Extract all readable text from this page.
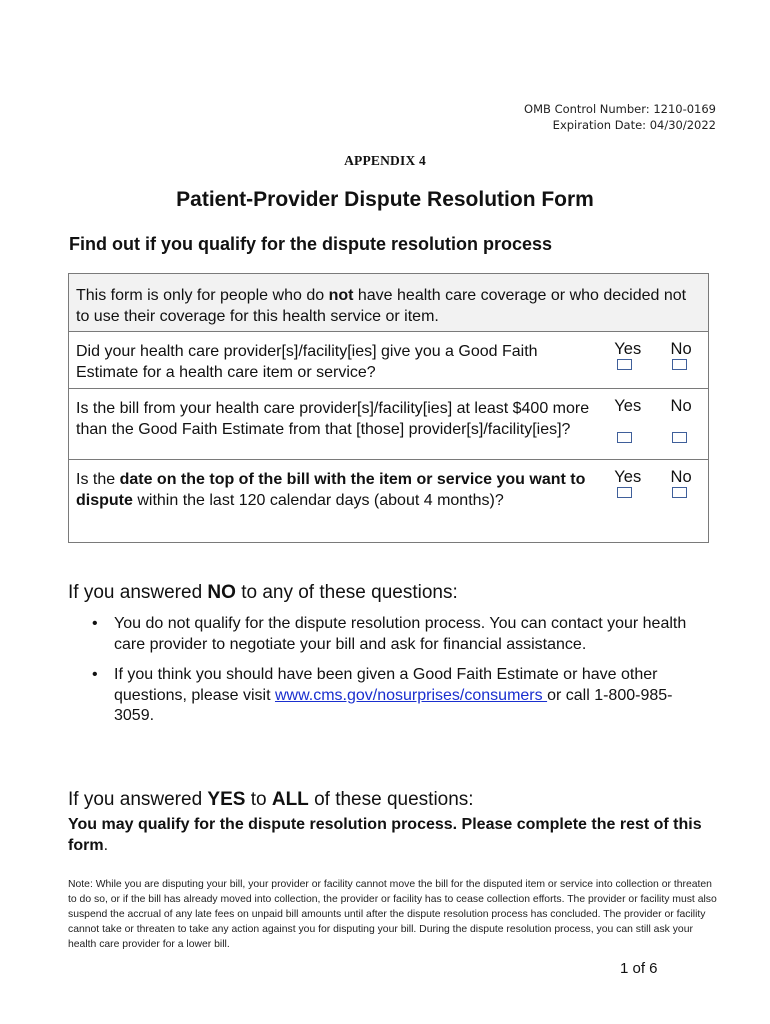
OMB Control Number: 1210-0169
Expiration Date: 04/30/2022
APPENDIX 4
Patient-Provider Dispute Resolution Form
Find out if you qualify for the dispute resolution process
This form is only for people who do not have health care coverage or who decided not to use their coverage for this health service or item.
Did your health care provider[s]/facility[ies] give you a Good Faith Estimate for a health care item or service?
Yes	No
Is the bill from your health care provider[s]/facility[ies] at least $400 more than the Good Faith Estimate from that [those] provider[s]/facility[ies]?
Yes	No
Is the date on the top of the bill with the item or service you want to dispute within the last 120 calendar days (about 4 months)?
Yes	No
If you answered NO to any of these questions:
• You do not qualify for the dispute resolution process. You can contact your health care provider to negotiate your bill and ask for financial assistance.
• If you think you should have been given a Good Faith Estimate or have other questions, please visit www.cms.gov/nosurprises/consumers or call 1-800-985-3059.
If you answered YES to ALL of these questions:
You may qualify for the dispute resolution process. Please complete the rest of this form.
Note: While you are disputing your bill, your provider or facility cannot move the bill for the disputed item or service into collection or threaten to do so, or if the bill has already moved into collection, the provider or facility has to cease collection efforts. The provider or facility must also suspend the accrual of any late fees on unpaid bill amounts until after the dispute resolution process has concluded. The provider or facility cannot take or threaten to take any action against you for disputing your bill. During the dispute resolution process, you can still ask your health care provider for a lower bill.
1 of 6
